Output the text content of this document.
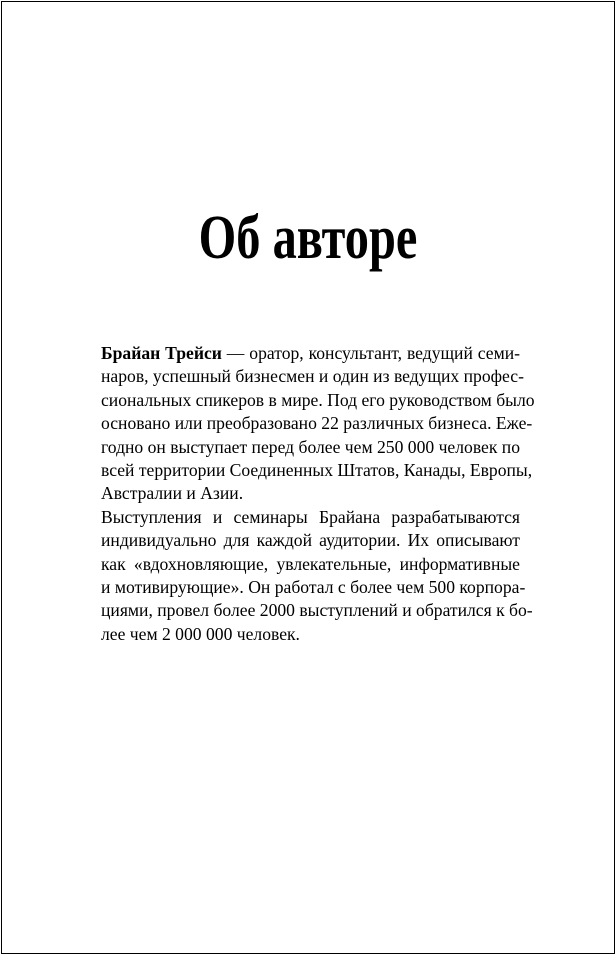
Об авторе
Брайан Трейси — оратор, консультант, ведущий семи-
наров, успешный бизнесмен и один из ведущих профес-
сиональных спикеров в мире. Под его руководством было
основано или преобразовано 22 различных бизнеса. Еже-
годно он выступает перед более чем 250 000 человек по
всей территории Соединенных Штатов, Канады, Европы,
Австралии и Азии.
Выступления и семинары Брайана разрабатываются
индивидуально для каждой аудитории. Их описывают
как «вдохновляющие, увлекательные, информативные
и мотивирующие». Он работал с более чем 500 корпора-
циями, провел более 2000 выступлений и обратился к бо-
лее чем 2 000 000 человек.
